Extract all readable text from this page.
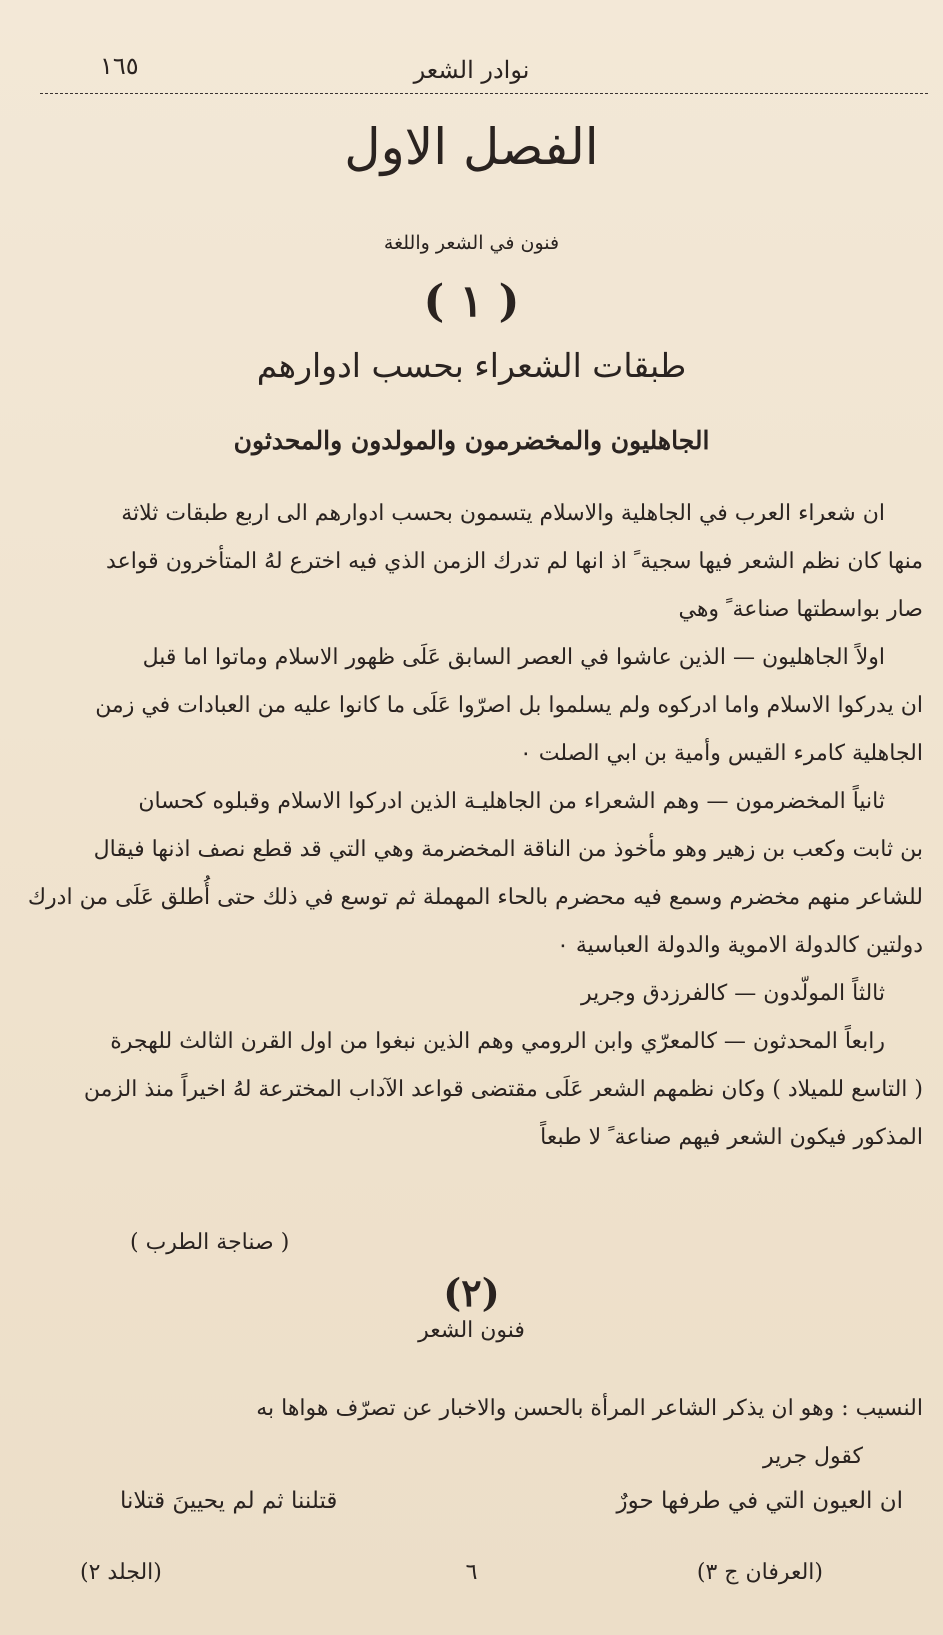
نوادر الشعر
١٦٥
الفصل الاول
فنون في الشعر واللغة
( ١ )
طبقات الشعراء بحسب ادوارهم
الجاهليون والمخضرمون والمولدون والمحدثون

ان شعراء العرب في الجاهلية والاسلام يتسمون بحسب ادوارهم الى اربع طبقات ثلاثة
منها كان نظم الشعر فيها سجية ً اذ انها لم تدرك الزمن الذي فيه اخترع لهُ المتأخرون قواعد
صار بواسطتها صناعة ً وهي

اولاً الجاهليون — الذين عاشوا في العصر السابق عَلَى ظهور الاسلام وماتوا اما قبل
ان يدركوا الاسلام واما ادركوه ولم يسلموا بل اصرّوا عَلَى ما كانوا عليه من العبادات في زمن
الجاهلية كامرء القيس وأمية بن ابي الصلت ٠

ثانياً المخضرمون — وهم الشعراء من الجاهليـة الذين ادركوا الاسلام وقبلوه كحسان
بن ثابت وكعب بن زهير وهو مأخوذ من الناقة المخضرمة وهي التي قد قطع نصف اذنها فيقال
للشاعر منهم مخضرم وسمع فيه محضرم بالحاء المهملة ثم توسع في ذلك حتى أُطلق عَلَى من ادرك
دولتين كالدولة الاموية والدولة العباسية ٠

ثالثاً المولّدون — كالفرزدق وجرير

رابعاً المحدثون — كالمعرّي وابن الرومي وهم الذين نبغوا من اول القرن الثالث للهجرة
( التاسع للميلاد ) وكان نظمهم الشعر عَلَى مقتضى قواعد الآداب المخترعة لهُ اخيراً منذ الزمن
المذكور فيكون الشعر فيهم صناعة ً لا طبعاً

( صناجة الطرب )
(٢)
فنون الشعر
النسيب : وهو ان يذكر الشاعر المرأة بالحسن والاخبار عن تصرّف هواها به
كقول جرير
ان العيون التي في طرفها حورٌ
قتلننا ثم لم يحيينَ قتلانا
(العرفان ج ٣)
٦
(الجلد ٢)
